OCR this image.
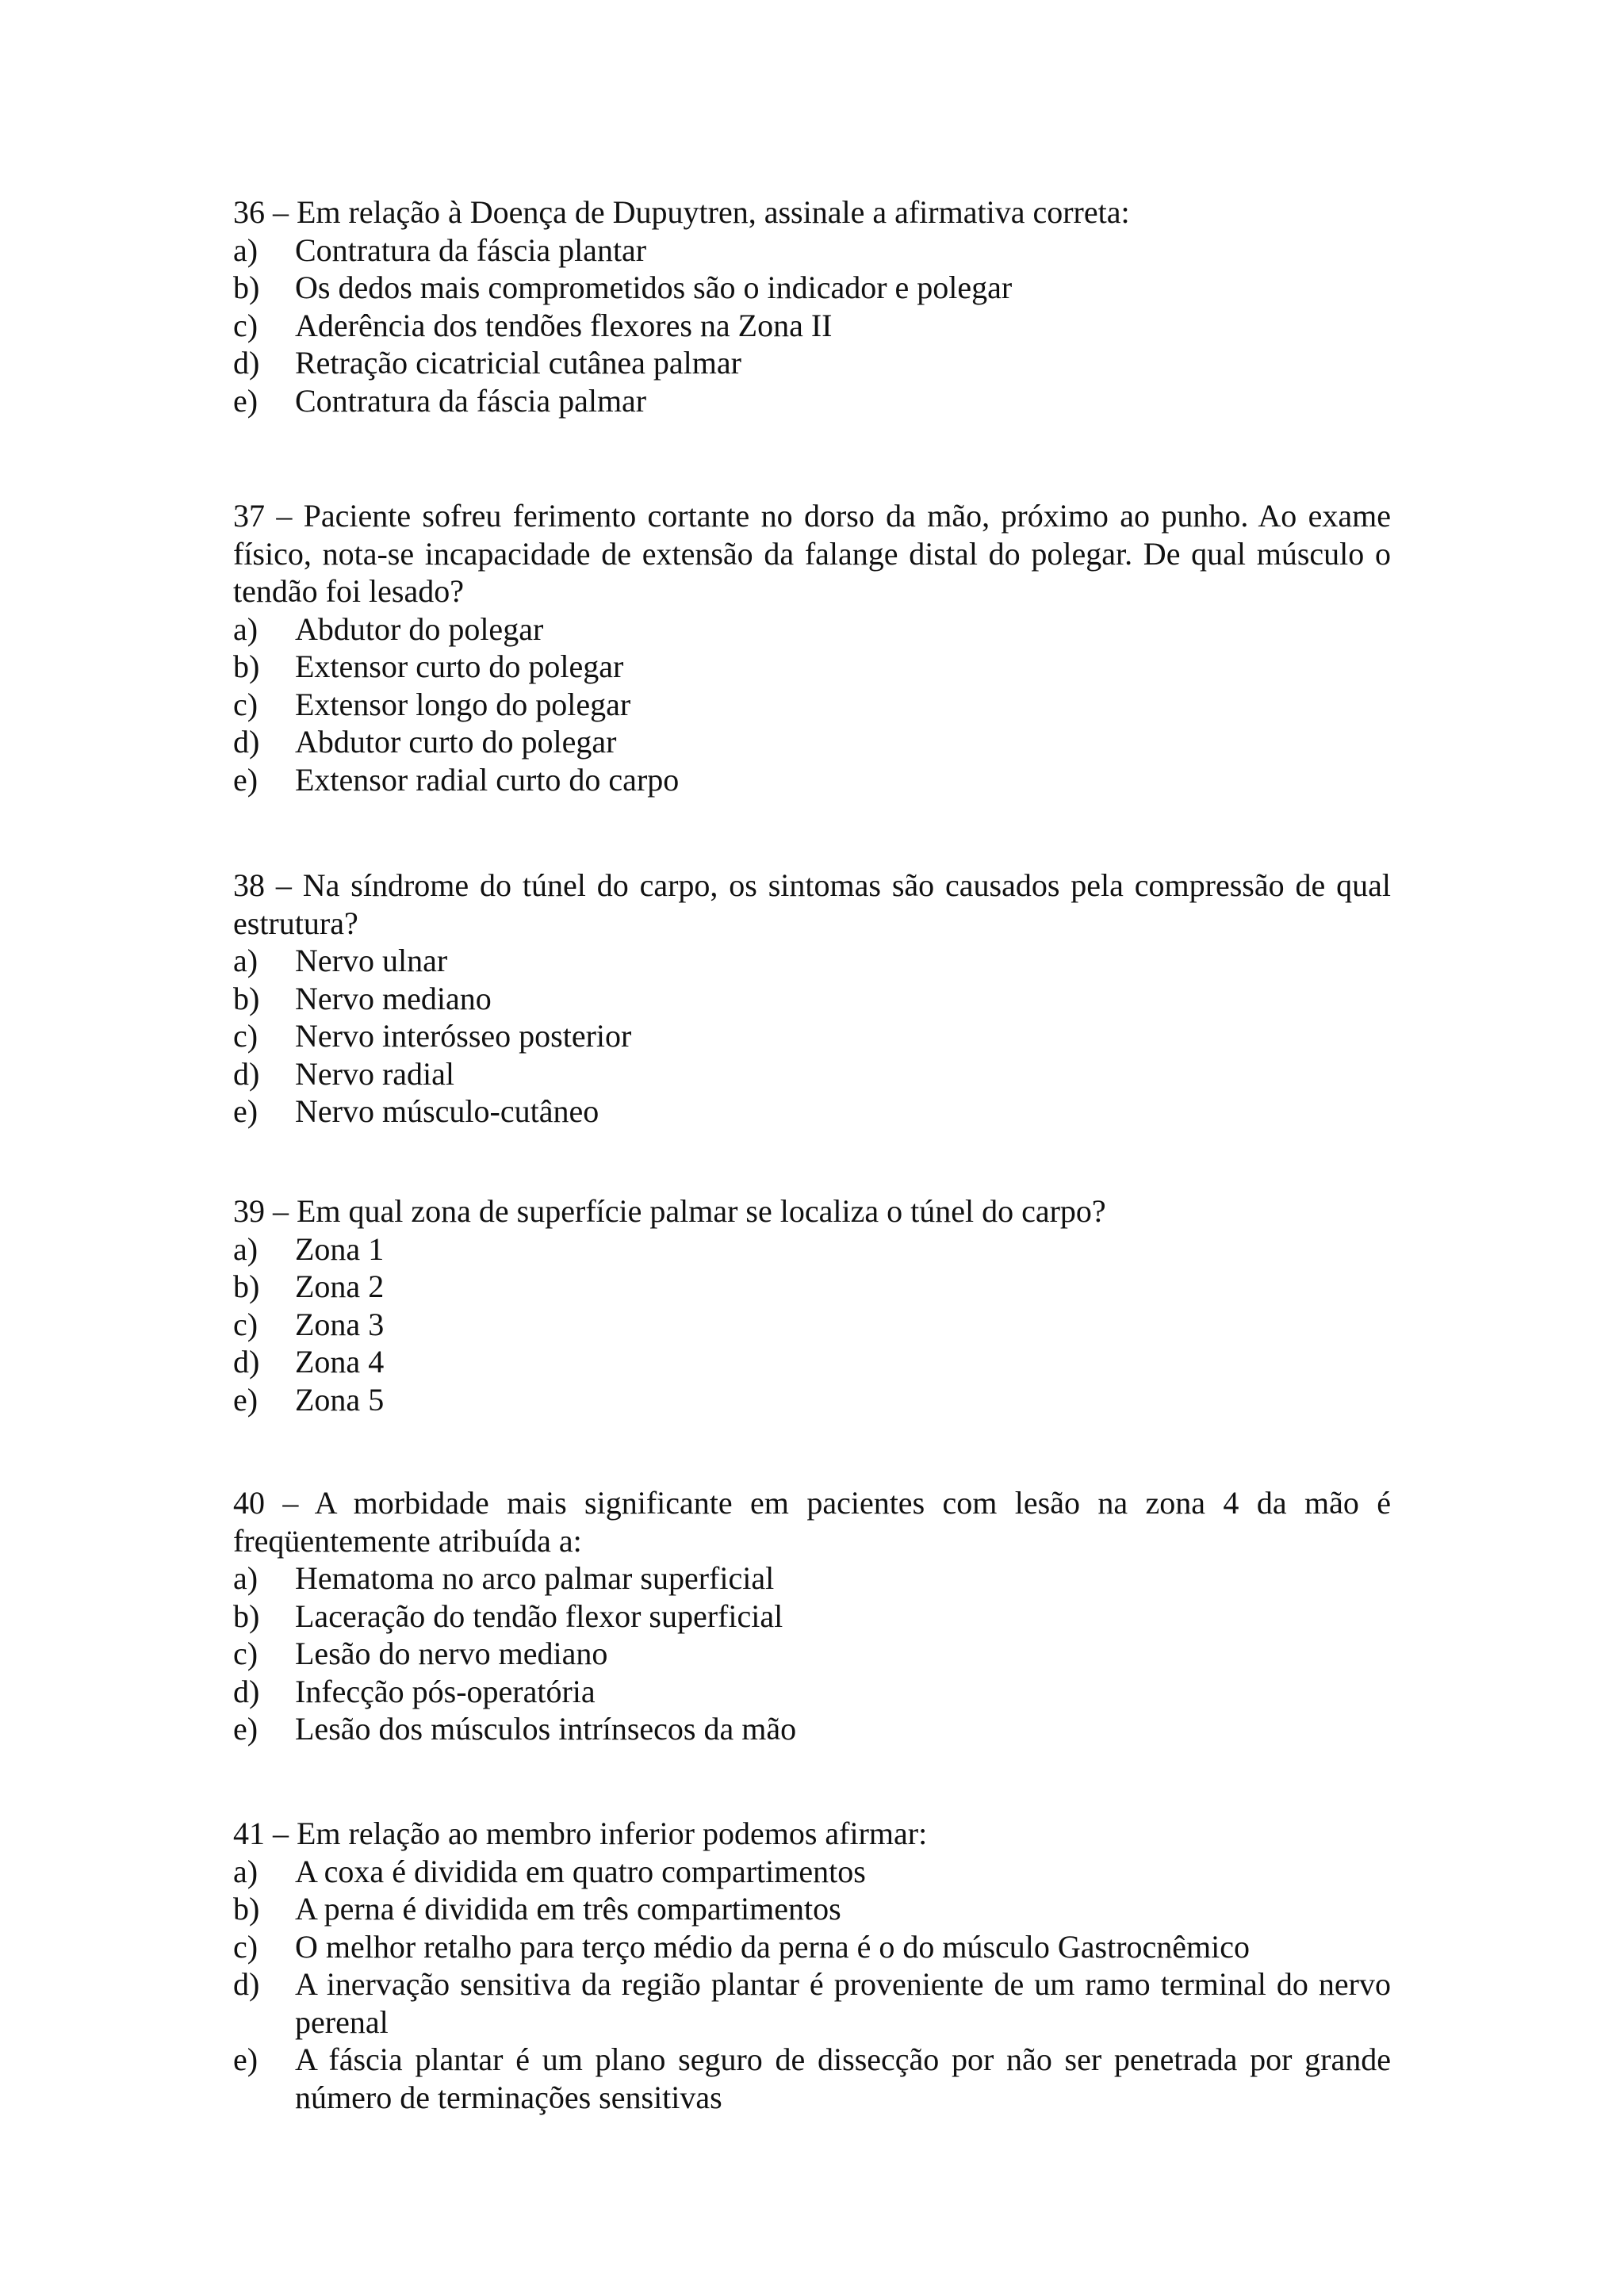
36 – Em relação à Doença de Dupuytren, assinale a afirmativa correta:

a)	Contratura da fáscia plantar
b)	Os dedos mais comprometidos são o indicador e polegar
c)	Aderência dos tendões flexores na Zona II
d)	Retração cicatricial cutânea palmar
e)	Contratura da fáscia palmar

37 – Paciente sofreu ferimento cortante no dorso da mão, próximo ao punho. Ao exame físico, nota-se incapacidade de extensão da falange distal do polegar. De qual músculo o tendão foi lesado?

a)	Abdutor do polegar
b)	Extensor curto do polegar
c)	Extensor longo do polegar
d)	Abdutor curto do polegar
e)	Extensor radial curto do carpo

38 – Na síndrome do túnel do carpo, os sintomas são causados pela compressão de qual estrutura?

a)	Nervo ulnar
b)	Nervo mediano
c)	Nervo interósseo posterior
d)	Nervo radial
e)	Nervo músculo-cutâneo

39 – Em qual zona de superfície palmar se localiza o túnel do carpo?

a)	Zona 1
b)	Zona 2
c)	Zona 3
d)	Zona 4
e)	Zona 5

40 – A morbidade mais significante em pacientes com lesão na zona 4 da mão é freqüentemente atribuída a:

a)	Hematoma no arco palmar superficial
b)	Laceração do tendão flexor superficial
c)	Lesão do nervo mediano
d)	Infecção pós-operatória
e)	Lesão dos músculos intrínsecos da mão

41 – Em relação ao membro inferior podemos afirmar:

a)	A coxa é dividida em quatro compartimentos
b)	A perna é dividida em três compartimentos
c)	O melhor retalho para terço médio da perna é o do músculo Gastrocnêmico
d)	A inervação sensitiva da região plantar é proveniente de um ramo terminal do nervo perenal
e)	A fáscia plantar é um plano seguro de dissecção por não ser penetrada por grande número de terminações sensitivas
